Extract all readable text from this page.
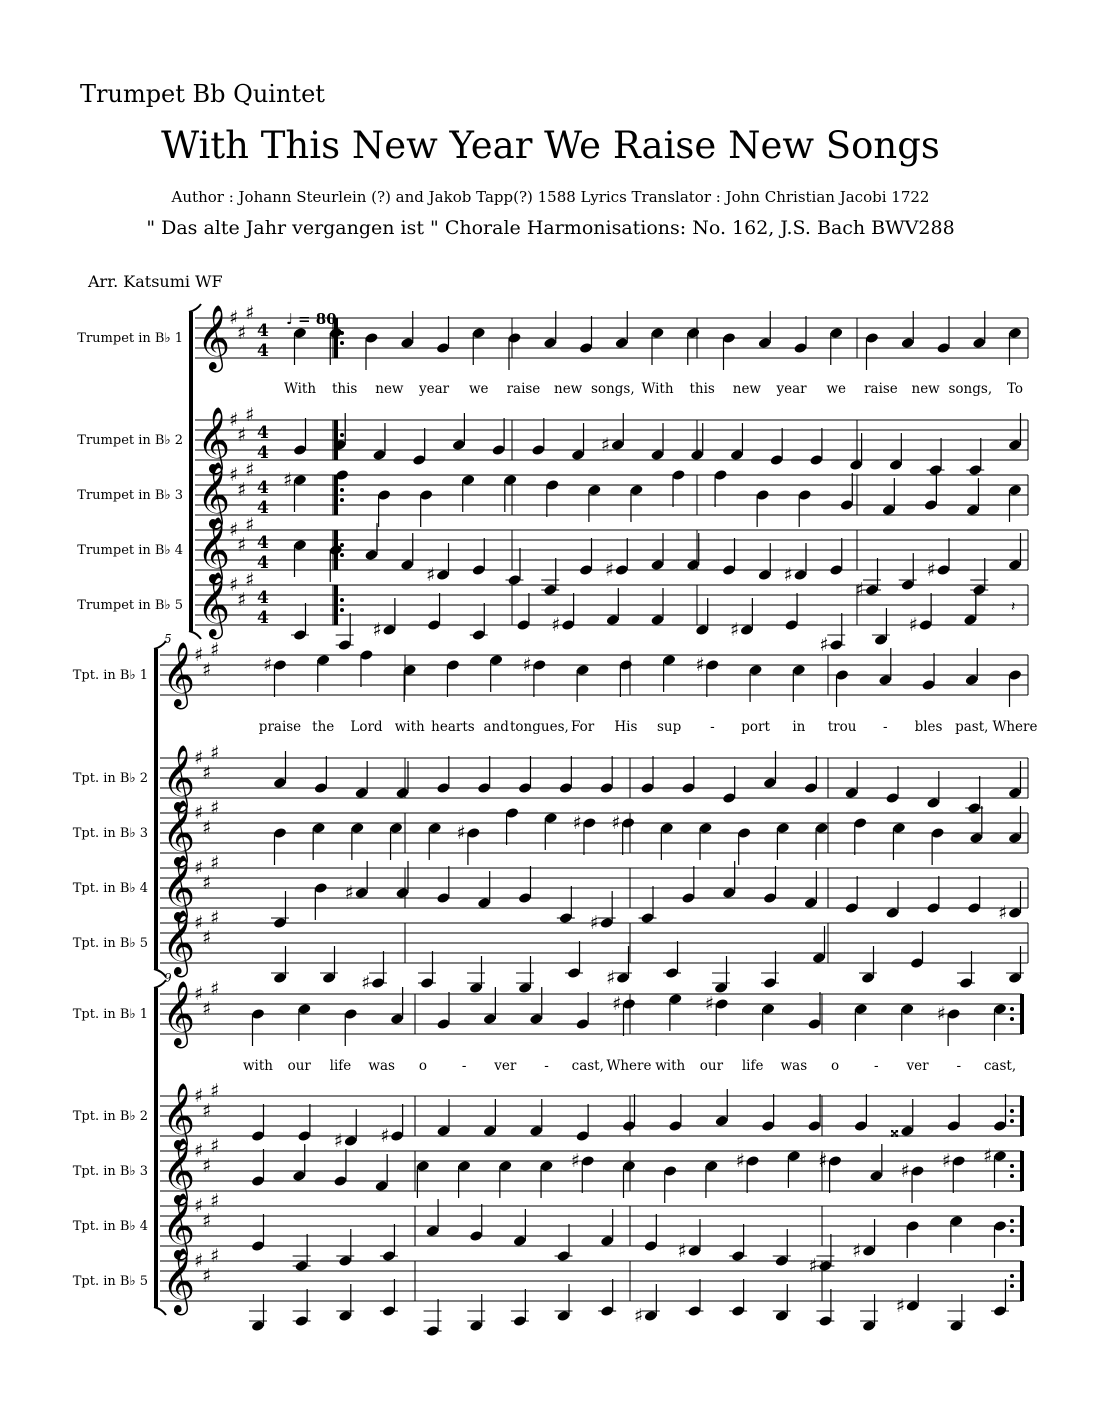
Trumpet Bb Quintet
With This New Year We Raise New Songs
Author : Johann Steurlein (?) and Jakob Tapp(?) 1588 Lyrics Translator : John Christian Jacobi 1722
" Das alte Jahr vergangen ist " Chorale Harmonisations: No. 162, J.S. Bach BWV288
Arr. Katsumi WF
♩ = 80
Trumpet in B♭ 1 𝄞
♯
♯
♯
4
4
Trumpet in B♭ 2 𝄞
♯
♯
♯
4
4	♯
Trumpet in B♭ 3 𝄞
♯
♯
♯
4
4
♯
Trumpet in B♭ 4 𝄞
♯
♯
♯
4
4
♯	♯	♯
♯
♯
Trumpet in B♭ 5 𝄞
♯
♯
♯
4
4
♯	♯	♯
♯
♯
𝄽
With this new year we raise new songs, With this new year we raise new songs, To
5
Tpt. in B♭ 1 𝄞
♯
♯
♯
♯	♯	♯
Tpt. in B♭ 2 𝄞
♯
♯
♯
Tpt. in B♭ 3 𝄞
♯
♯
♯
♯	♯ ♯
Tpt. in B♭ 4 𝄞
♯
♯
♯
♯
♯	♯
Tpt. in B♭ 5 𝄞
♯
♯
♯
♯	♯
praise the Lord with hearts and tongues, For His sup - port in trou - bles past, Where
9
Tpt. in B♭ 1 𝄞
♯
♯
♯
♯	♯	♯
Tpt. in B♭ 2 𝄞
♯
♯
♯
♯ ♯	𝄪
Tpt. in B♭ 3 𝄞
♯
♯
♯
♯	♯	♯	♯ ♯ ♯
Tpt. in B♭ 4 𝄞
♯
♯
♯
♯
♯
♯
Tpt. in B♭ 5 𝄞
♯
♯
♯
♯	♯
with our life was o	- ver - cast, Where with our life was o	- ver - cast,
